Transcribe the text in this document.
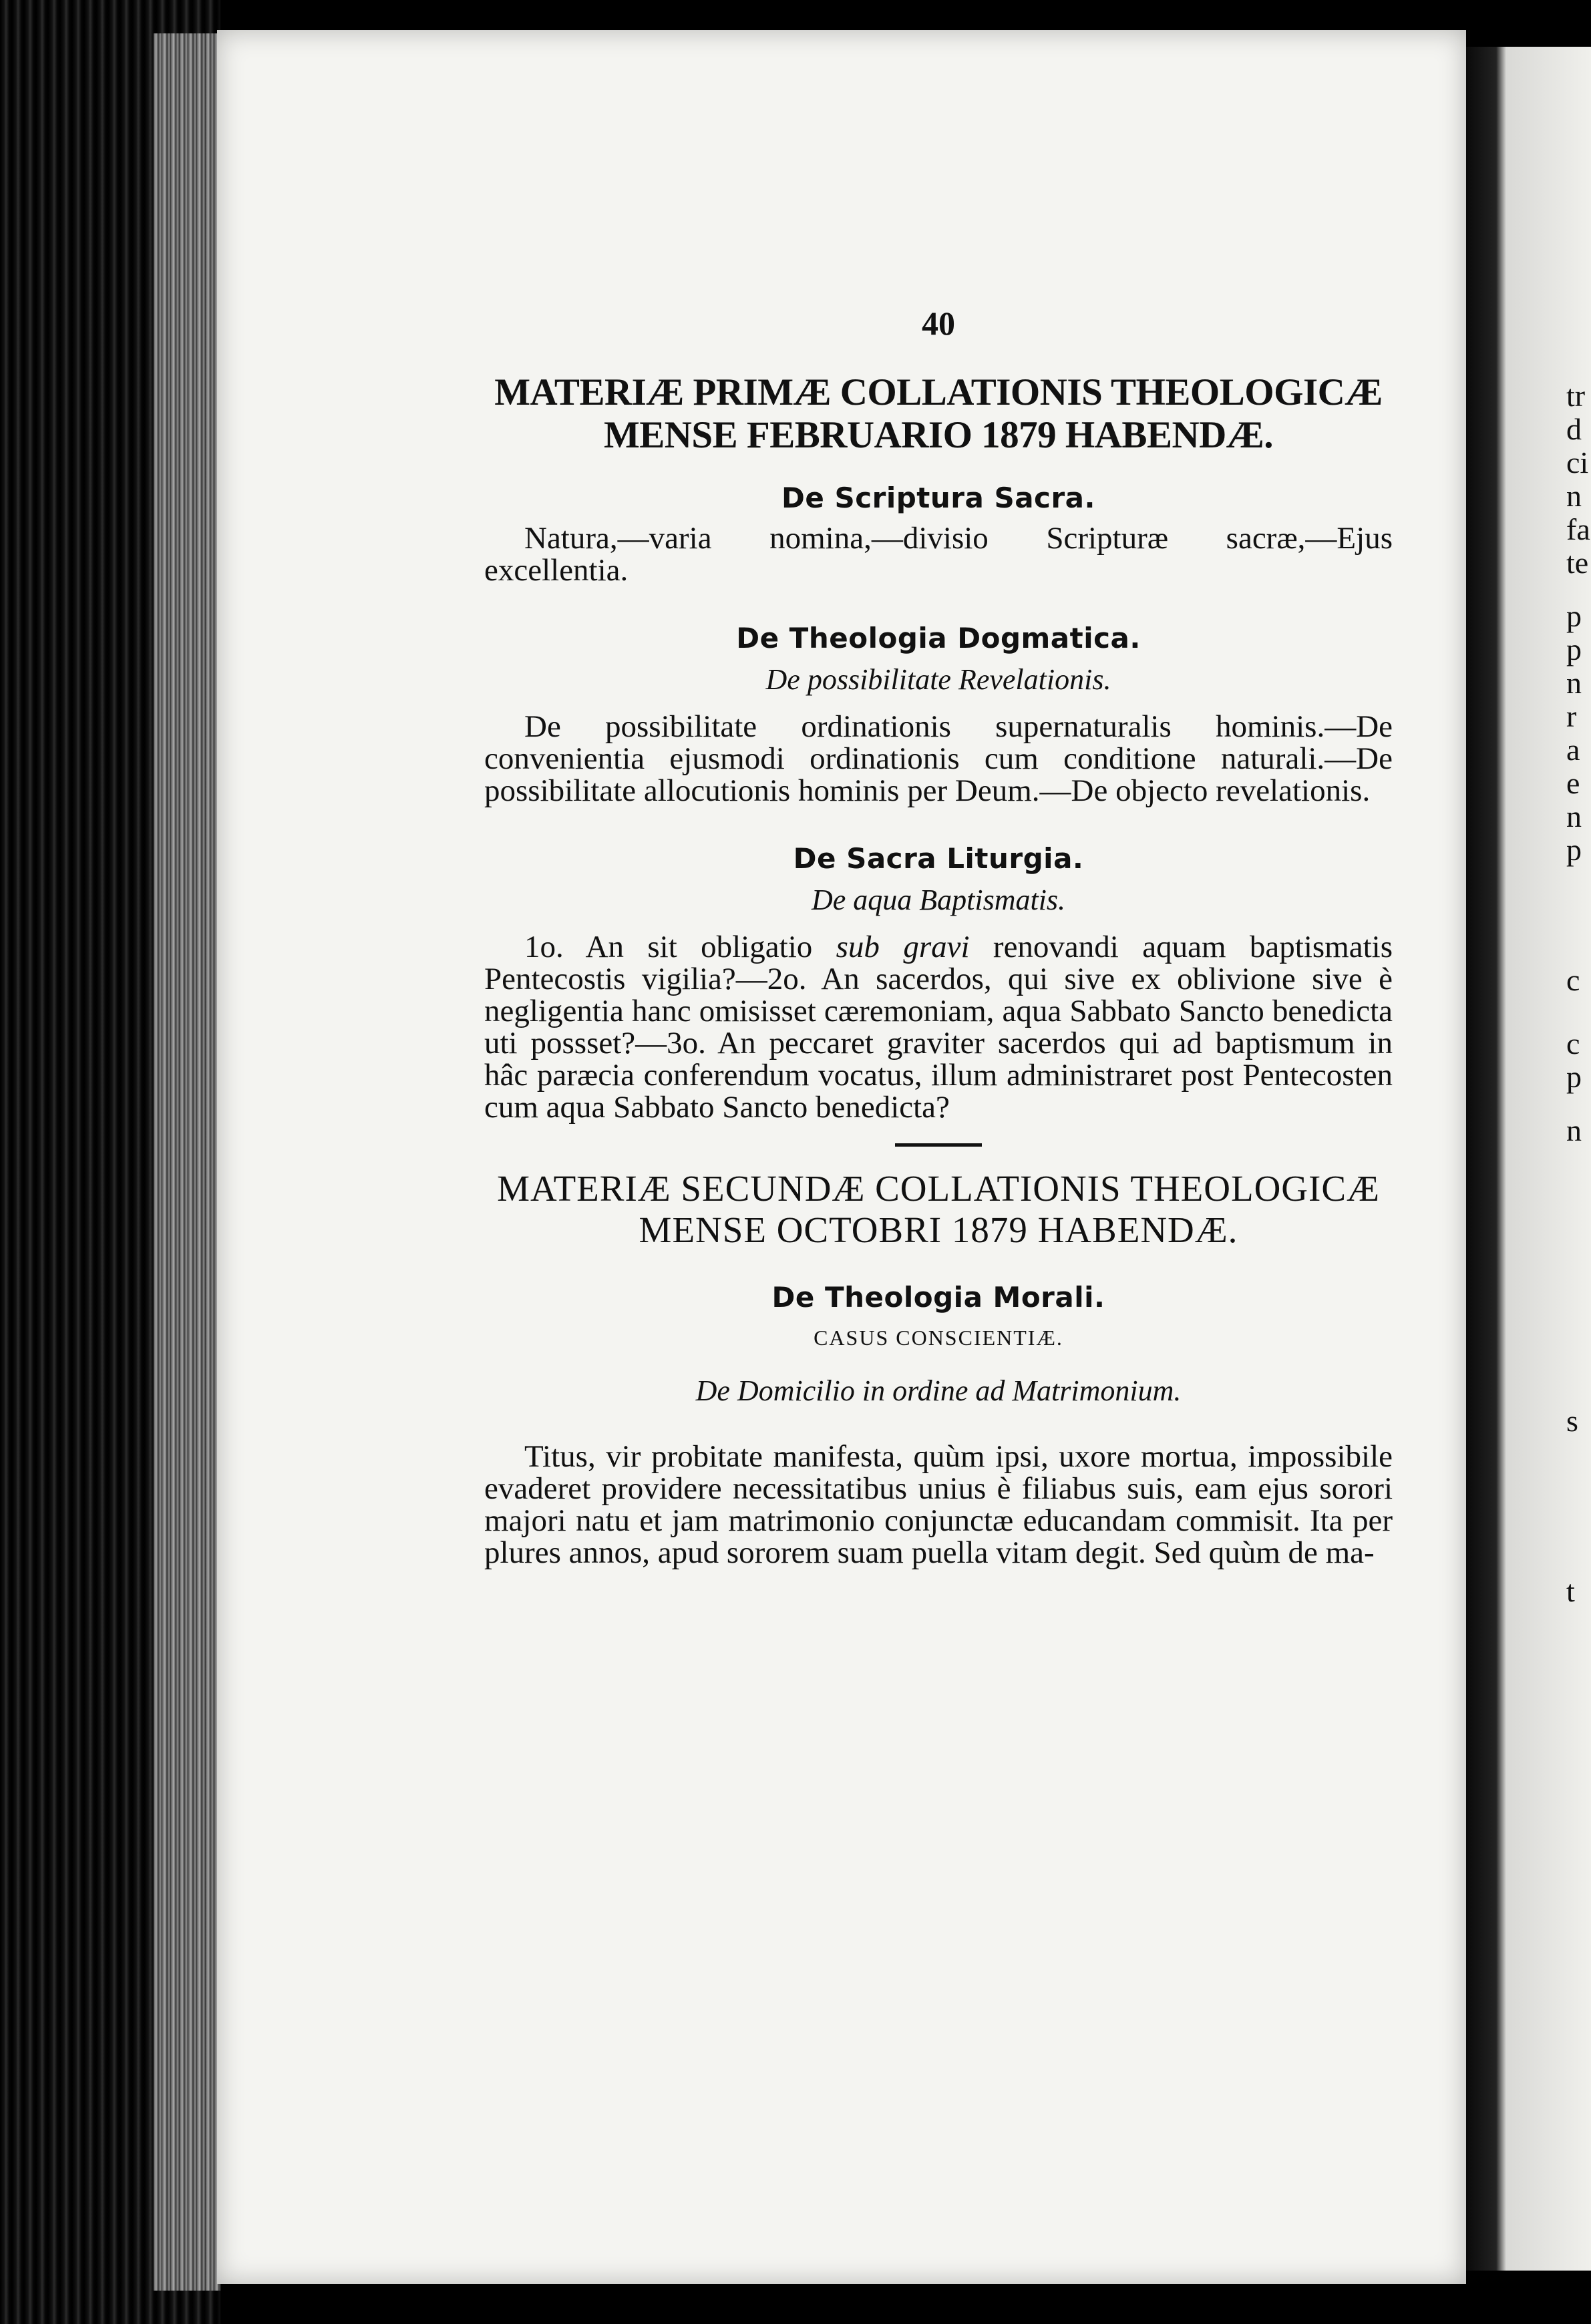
tr
d
ci
n
fa
te
p
p
n
r
a
e
n
p
c
c
p
n
s
t
40
MATERIÆ PRIMÆ COLLATIONIS THEOLOGICÆ
MENSE FEBRUARIO 1879 HABENDÆ.
De Scriptura Sacra.

Natura,—varia nomina,—divisio Scripturæ sacræ,—Ejus excellentia.

De Theologia Dogmatica.
De possibilitate Revelationis.

De possibilitate ordinationis supernaturalis hominis.—De convenientia ejusmodi ordinationis cum conditione naturali.—De possibilitate allocutionis hominis per Deum.—De objecto revelationis.

De Sacra Liturgia.
De aqua Baptismatis.

1o. An sit obligatio sub gravi renovandi aquam baptismatis Pentecostis vigilia?—2o. An sacerdos, qui sive ex oblivione sive è negligentia hanc omisisset cæremoniam, aqua Sabbato Sancto benedicta uti possset?—3o. An peccaret graviter sacerdos qui ad baptismum in hâc paræcia conferendum vocatus, illum administraret post Pentecosten cum aqua Sabbato Sancto benedicta?

MATERIÆ SECUNDÆ COLLATIONIS THEOLOGICÆ
MENSE OCTOBRI 1879 HABENDÆ.
De Theologia Morali.
CASUS CONSCIENTIÆ.
De Domicilio in ordine ad Matrimonium.

Titus, vir probitate manifesta, quùm ipsi, uxore mortua, impossibile evaderet providere necessitatibus unius è filiabus suis, eam ejus sorori majori natu et jam matrimonio conjunctæ educandam commisit. Ita per plures annos, apud sororem suam puella vitam degit. Sed quùm de ma-
